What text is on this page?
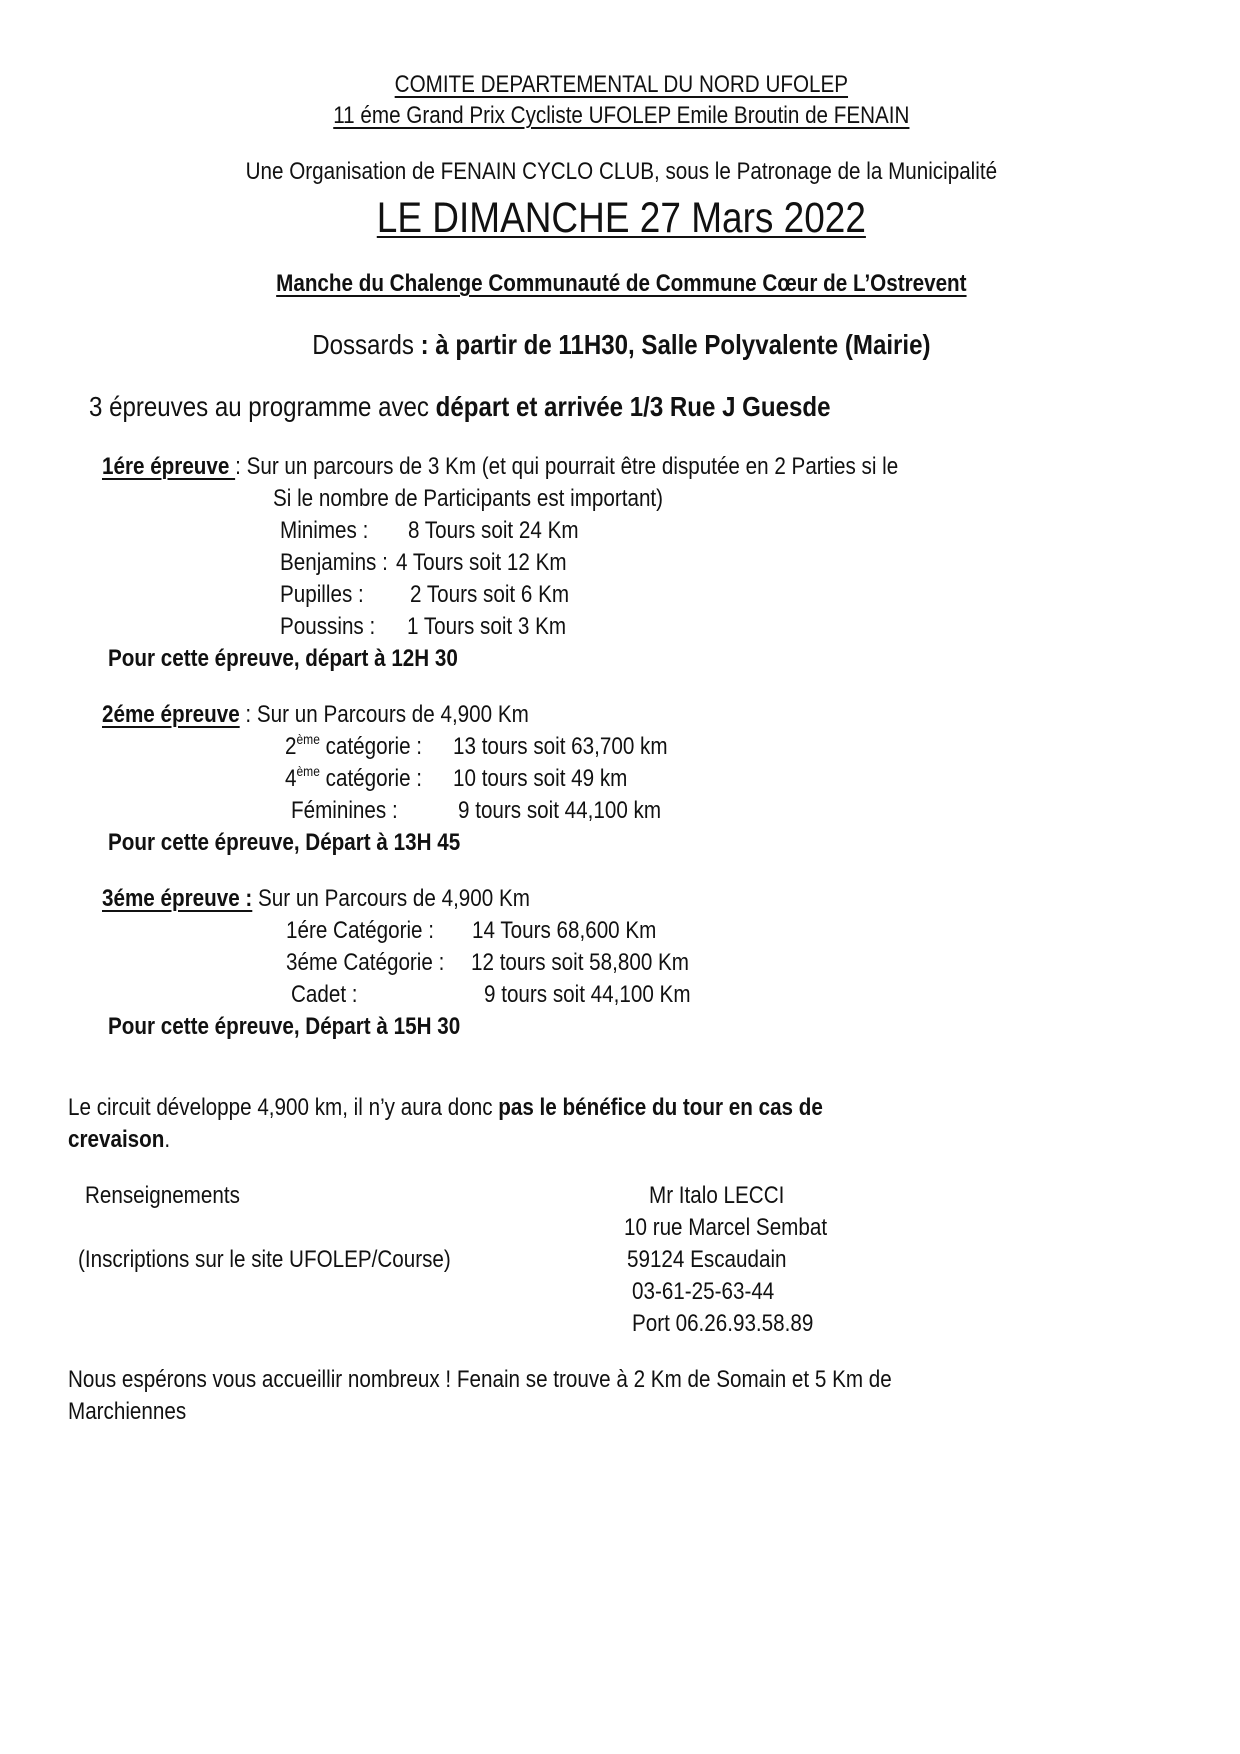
COMITE DEPARTEMENTAL DU NORD UFOLEP
11 éme Grand Prix Cycliste UFOLEP Emile Broutin de FENAIN
Une Organisation de FENAIN CYCLO CLUB, sous le Patronage de la Municipalité
LE DIMANCHE 27 Mars 2022
Manche du Chalenge Communauté de Commune Cœur de L’Ostrevent
Dossards : à partir de 11H30, Salle Polyvalente (Mairie)
3 épreuves au programme avec départ et arrivée 1/3 Rue J Guesde
1ére épreuve : Sur un parcours de 3 Km (et qui pourrait être disputée en 2 Parties si le
Si le nombre de Participants est important)
Minimes : 8 Tours soit 24 Km
Benjamins : 4 Tours soit 12 Km
Pupilles : 2 Tours soit 6 Km
Poussins : 1 Tours soit 3 Km
Pour cette épreuve, départ à 12H 30
2éme épreuve : Sur un Parcours de 4,900 Km
2ème catégorie : 13 tours soit 63,700 km
4ème catégorie : 10 tours soit 49 km
Féminines :	9 tours soit 44,100 km
Pour cette épreuve, Départ à 13H 45
3éme épreuve : Sur un Parcours de 4,900 Km
1ére Catégorie : 14 Tours 68,600 Km
3éme Catégorie : 12 tours soit 58,800 Km
Cadet :	9 tours soit 44,100 Km
Pour cette épreuve, Départ à 15H 30
Le circuit développe 4,900 km, il n’y aura donc pas le bénéfice du tour en cas de
crevaison.
Renseignements
(Inscriptions sur le site UFOLEP/Course)
Mr Italo LECCI
10 rue Marcel Sembat
59124 Escaudain
03-61-25-63-44
Port 06.26.93.58.89
Nous espérons vous accueillir nombreux ! Fenain se trouve à 2 Km de Somain et 5 Km de
Marchiennes
